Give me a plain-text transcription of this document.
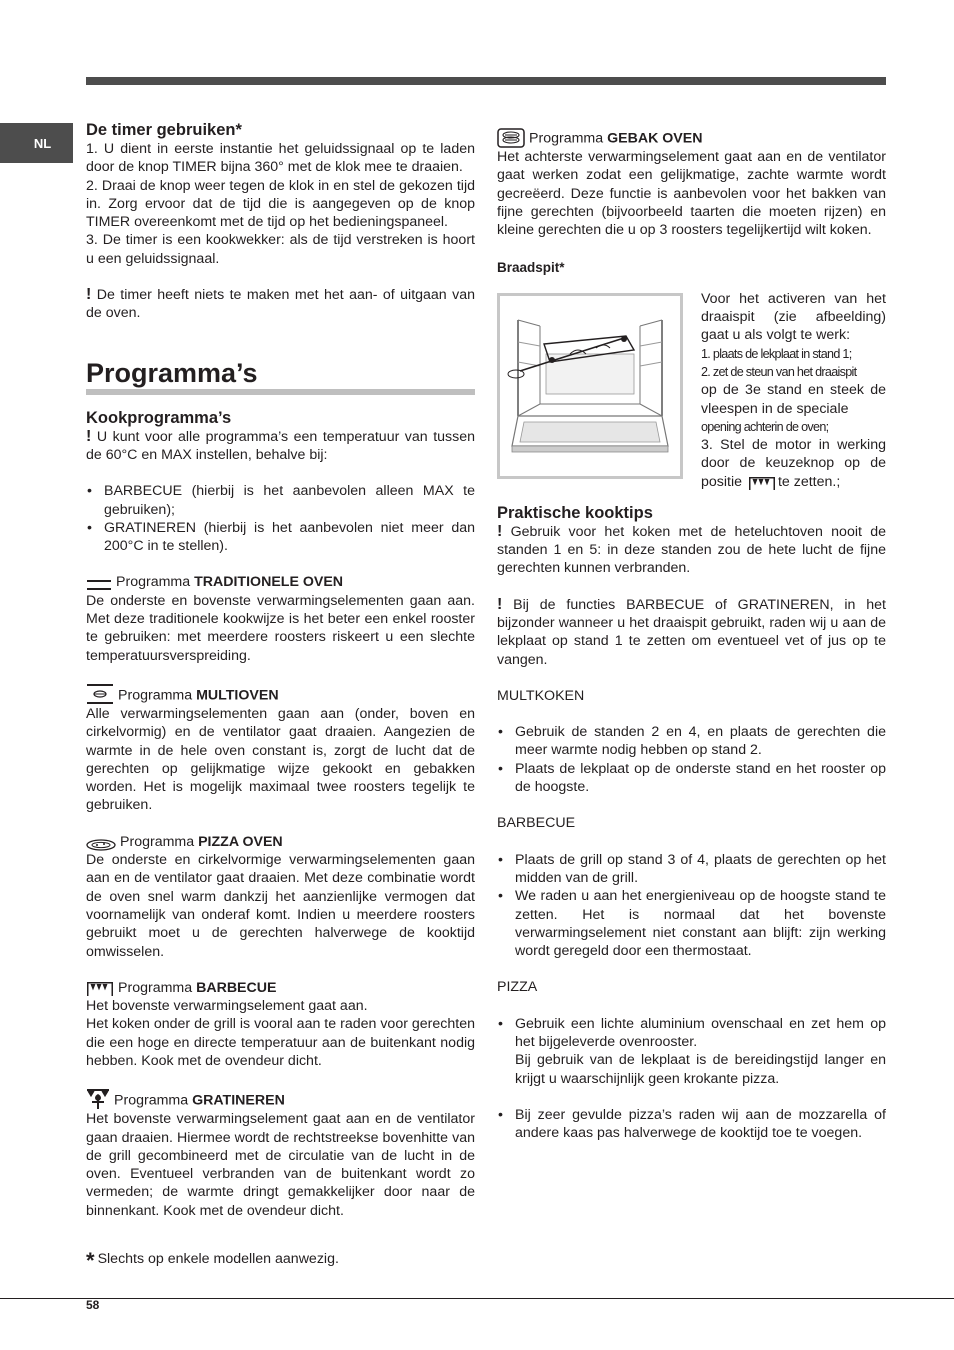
NL
De timer gebruiken*

1. U dient in eerste instantie het geluidssignaal op te laden door de knop TIMER bijna 360° met de klok mee te draaien.

2. Draai de knop weer tegen de klok in en stel de gekozen tijd in. Zorg ervoor dat de tijd die is aangegeven op de knop TIMER overeenkomt met de tijd op het bedieningspaneel.

3. De timer is een kookwekker: als de tijd verstreken is hoort u een geluidssignaal.

! De timer heeft niets te maken met het aan- of uitgaan van de oven.

Programma’s
Kookprogramma’s

! U kunt voor alle programma’s een temperatuur van tussen de 60°C en MAX instellen, behalve bij:

• BARBECUE (hierbij is het aanbevolen alleen MAX te gebruiken);
• GRATINEREN (hierbij is het aanbevolen niet meer dan 200°C in te stellen).

Programma TRADITIONELE OVEN

De onderste en bovenste verwarmingselementen gaan aan. Met deze traditionele kookwijze is het beter een enkel rooster te gebruiken: met meerdere roosters riskeert u een slechte temperatuursverspreiding.

Programma MULTIOVEN

Alle verwarmingselementen gaan aan (onder, boven en cirkelvormig) en de ventilator gaat draaien. Aangezien de warmte in de hele oven constant is, zorgt de lucht dat de gerechten op gelijkmatige wijze gekookt en gebakken worden. Het is mogelijk maximaal twee roosters tegelijk te gebruiken.

Programma PIZZA OVEN

De onderste en cirkelvormige verwarmingselementen gaan aan en de ventilator gaat draaien. Met deze combinatie wordt de oven snel warm dankzij het aanzienlijke vermogen dat voornamelijk van onderaf komt. Indien u meerdere roosters gebruikt moet u de gerechten halverwege de kooktijd omwisselen.

Programma BARBECUE

Het bovenste verwarmingselement gaat aan.

Het koken onder de grill is vooral aan te raden voor gerechten die een hoge en directe temperatuur aan de buitenkant nodig hebben. Kook met de ovendeur dicht.

Programma GRATINEREN

Het bovenste verwarmingselement gaat aan en de ventilator gaan draaien. Hiermee wordt de rechtstreekse bovenhitte van de grill gecombineerd met de circulatie van de lucht in de oven. Eventueel verbranden van de buitenkant wordt zo vermeden; de warmte dringt gemakkelijker door naar de binnenkant. Kook met de ovendeur dicht.

* Slechts op enkele modellen aanwezig.

Programma GEBAK OVEN

Het achterste verwarmingselement gaat aan en de ventilator gaat werken zodat een gelijkmatige, zachte warmte wordt gecreëerd. Deze functie is aanbevolen voor het bakken van fijne gerechten (bijvoorbeeld taarten die moeten rijzen) en kleine gerechten die u op 3 roosters tegelijkertijd wilt koken.

Braadspit*

Voor het activeren van het draaispit (zie afbeelding) gaat u als volgt te werk:

1. plaats de lekplaat in stand 1;

2. zet de steun van het draaispit

op de 3e stand en steek de vleespen in de speciale

opening achterin de oven;

3. Stel de motor in werking door de keuzeknop op de positie	te zetten.;

Praktische kooktips

! Gebruik voor het koken met de heteluchtoven nooit de standen 1 en 5: in deze standen zou de hete lucht de fijne gerechten kunnen verbranden.

! Bij de functies BARBECUE of GRATINEREN, in het bijzonder wanneer u het draaispit gebruikt, raden wij u aan de lekplaat op stand 1 te zetten om eventueel vet of jus op te vangen.

MULTKOKEN

• Gebruik de standen 2 en 4, en plaats de gerechten die meer warmte nodig hebben op stand 2.
• Plaats de lekplaat op de onderste stand en het rooster op de hoogste.

BARBECUE

• Plaats de grill op stand 3 of 4, plaats de gerechten op het midden van de grill.
• We raden u aan het energieniveau op de hoogste stand te zetten. Het is normaal dat het bovenste verwarmingselement niet constant aan blijft: zijn werking wordt geregeld door een thermostaat.

PIZZA

• Gebruik een lichte aluminium ovenschaal en zet hem op het bijgeleverde ovenrooster.
Bij gebruik van de lekplaat is de bereidingstijd langer en krijgt u waarschijnlijk geen krokante pizza.
• Bij zeer gevulde pizza’s raden wij aan de mozzarella of andere kaas pas halverwege de kooktijd toe te voegen.
58
